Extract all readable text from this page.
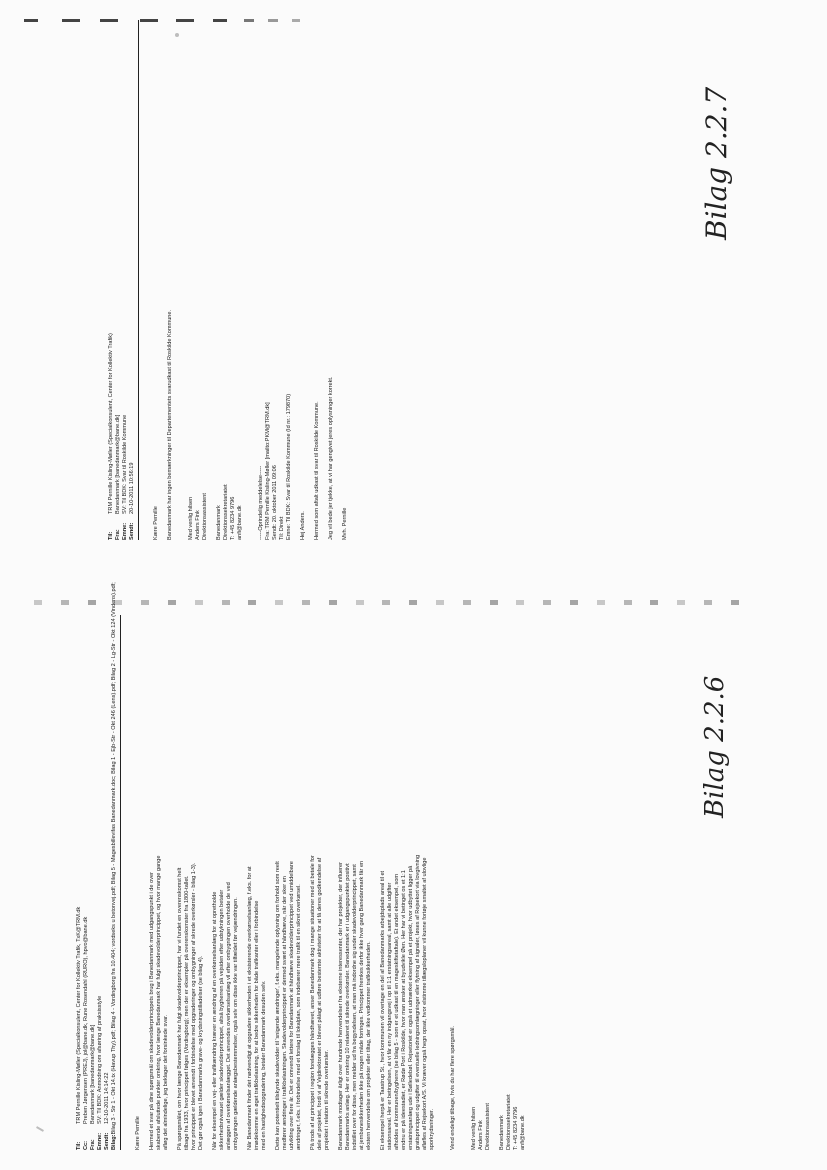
Bilag 2.2.7
Bilag 2.2.6
Til:
TRM Pernille Kisling-Møller (Specialkonsulent, Center for Kollektiv Trafik)
Fra:
Banedanmark [banedanmark@bane.dk]
Emne:
SV: Til BDK: Svar til Roskilde Kommune
Sendt:
20-10-2011 10:56:19
Kære Pernille Banedanmark har ingen bemærkninger til Departementets svarudkast til Roskilde Kommune.	Med venlig hilsen Anders Fink Direktionsassistent Banedanmark Direktionssekretariatet T: +45 8234 9796 anfi@bane.dk	-----Oprindelig meddelelse----- Fra: TRM Pernille Kisling-Møller [mailto:PKM@TRM.dk] Sendt: 20. oktober 2011 09:06 Til: Direkt Emne: Til BDK: Svar til Roskilde Kommune (Id nr.: 179870) Hej Anders. Hermed som aftalt udkast til svar til Roskilde Kommune. Jeg vil bede jer tjekke, at vi har gengivet jeres oplysninger korrekt. Mvh. Pernille
Til:
TRM Pernille Kisling-Møller (Specialkonsulent, Center for Kollektiv Trafik, TxK@TRM.dk
Cc:
Preben Jørgensen (PREJ), jol@bane.dk, Rune Rosendahl (RURO), hpvo@bane.dk
Fra:
Banedanmark [banedanmark@bane.dk]
Emne:
SV: Til BDK: Anmodning om afsøring af praksisstyle
Sendt:
12-10-2011 14:14:22
Bilag:
Bilag 3 - Str 1 - Okt 14.tx (Havup Thy).pdf; Bilag 4 - Vordingborg fra 10.404; vordseks u betonvej.pdf; Bilag 5 - Magesbillevifas Banedanmark.doc; Bilag 1 - Ejb-Str - Okt 246 (Lens).pdf; Bilag 2 - Lg-Str - Okt 124 (Vindens).pdf;	Kære Pernille Hermed et svar på dine spørgsmål om skadevolderprincippets brug i Banedanmark med udgangspunkt i de over skabende afsluttede punkter omkring, hvor længe Banedanmark har fulgt skadevolderprincippet, og hvor mange gange afløg det almindelige, jeg beklager det forsinkede svar. På spørgsmålet, om hvor længe Banedanmark har fulgt skadevolderprincippet, har vi fundet en overenskomst helt tilbage fra 1933, hvor princippet følges (Vordingborg); men der er eksempler på overenskomster fra 1800-tallet. hvor princippet er blevet anvendt i forbindelse med opgraderinger og ombygninger af skrede overkørsler - bilag 1-3). Det gør også igen i Banedanmarks grave- og krydsningstilladelser (se bilag 4). Når for eksempel en vej- eller trafikændring kræver en ændring af en overkørselsanlæg for at opretholde sikkerhedsniveauet gælder skadevolderprincippet, altså bygherren på vejsiden efter udstykningen betaler anlæggen af overkørselsanlægget. Det anvendes overkørselsanlæg vil efter ombygningen overholde de ved ombygningen gældende anlægsbestemmelser, også selv om disse ikke var tilfældet før vejændringen. Når Banedanmark finder det nødvendigt at opgradere sikkerheden i et eksisterende overkørselsanlæg, f.eks. for at imødekomme en øget trafikbelastning, for at bedre sikkerheden for både trafikanter eller i forbindelse med en hastighedsopgradering, betaler Banedanmark desuden selv. Dette kan potentielt tilskynde skadevolder til 'snigende ændringer', f.eks. mangelende oplysning om forhold som reelt medfører ændringer i trafikbelastningen. Skadevolderprincippet er dermed svært at håndhæve, når der sker en udvikling over flere år. Det er omvendt lettere for Banedanmark at håndhæve skadevolderprincippet ved umiddelbare ændringer, f.eks. i forbindelse med et forslag til lokalplan, som indebærer mere trafik til en sikret overkørsel. På trods af at princippet i region forelægges håndhævet, anser Banedanmark dog i mange situationer med at betale for dele af projektet, fordi vi af Vejdirektoratet er blevet pålagt at udføre bestemte aktiviteter for at få deres godkendelse af projektet i relation til sikrede overkørsler. Banedanmark modtager årligt over hundrede henvendelser fra eksterne interessenter, der har projekter, der influerer Banedanmarks anlæg. Her er omkring 10 relateret til sikrede overkørsler. Banedanmark er i udgangspunktet positivt indstillet over for disse, men melder ud fra begyndelsen, at man må indordne sig under skadevolderprincippet, samt at jernbanesikkerheden ikke på nogen måde forringes. Princippet fremkes derfor ikke hver gang Banedanmark får en ekstern henvendelse om projekter eller tiltag, der ikke vedkommer trafiksikkerheden. Et eksempel herpå er Taastrup St., hvor kommunen vil overtage en del af Banedanmarks arbejdsplads areal til et stationsareal. Her er betingelsen, at vi får en ny indgangsvej i op til 1:1 erstatningsareal, samt at alle udgifter afholdes af kommunen/bygherre (se bilag 5 - som er et udkast til en mageskiftetaftale). Et andet eksempel, som endnu er på ideestadiet, er Rødø Port i Roskilde, hvor man ønsker at byudvikle Øen. Her har vi betinget os et 1:1 erstatningsanlæg ude i Bølledebøl. Rejsetoriet er også et udmærket eksempel på et projekt, hvor udbyttet ligger på gratisprincippet og udgifter til eventuelle ledningsomlægninger eller flytning af signaler, løses af Rejsekort via lovgivning afløfles af Rejsekort A/S. Vi kræver også hegn opsat, hvor elstimme tillægsloplaner vil kunne fortøje smaltet af ulovlige sporkrydsninger.	Vend endeligt tilbage, hvis du har flere spørgsmål.	Med venlig hilsen Anders Fink Direktionsassistent Banedanmark Direktionssekretariatet T: +45 8234 9796 anfi@bane.dk
